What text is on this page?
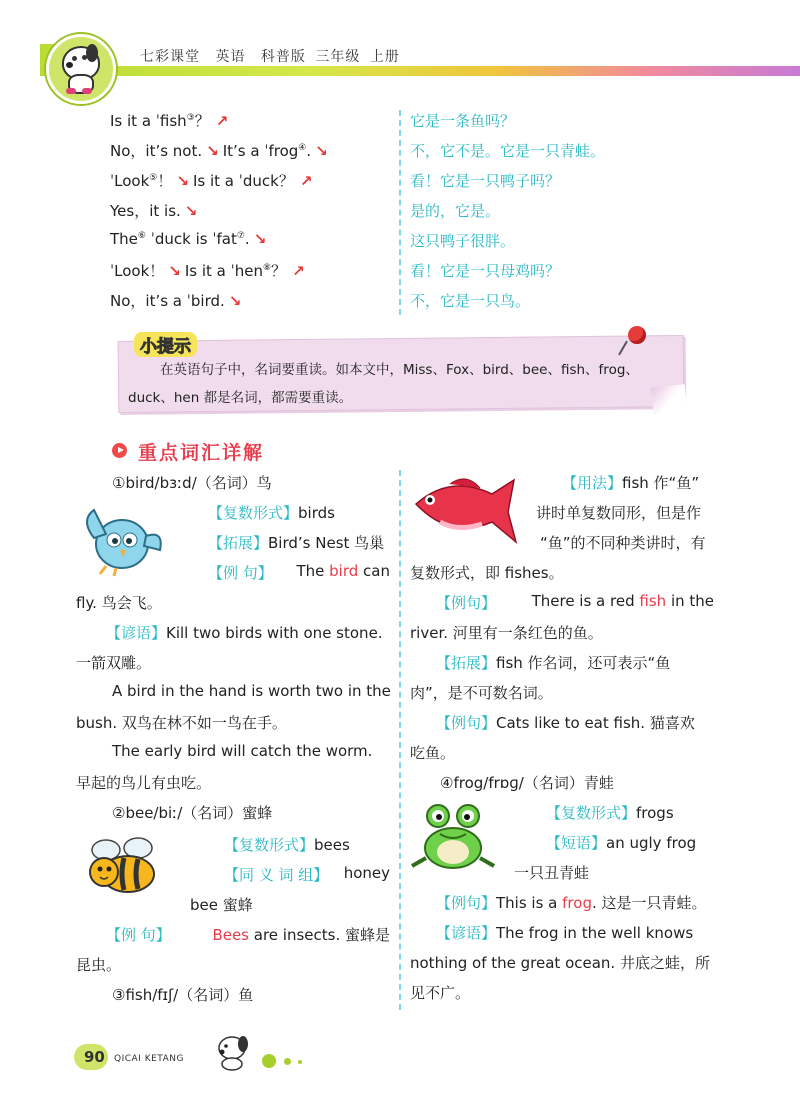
七彩课堂 英语 科普版 三年级 上册
Is it a ˈfish③？ ↗	它是一条鱼吗？
No，it’s not. ↘ It’s a ˈfrog④. ↘	不，它不是。它是一只青蛙。
ˈLook⑤！ ↘ Is it a ˈduck？ ↗	看！它是一只鸭子吗？
Yes，it is. ↘	是的，它是。
The⑥ ˈduck is ˈfat⑦. ↘	这只鸭子很胖。
ˈLook！ ↘ Is it a ˈhen⑧？ ↗	看！它是一只母鸡吗？
No，it’s a ˈbird. ↘	不，它是一只鸟。
小提示
在英语句子中，名词要重读。如本文中，Miss、Fox、bird、bee、fish、frog、
duck、hen 都是名词，都需要重读。
重点词汇详解
①bird/bɜːd/（名词）鸟
【复数形式】birds
【拓展】Bird’s Nest 鸟巢
【例 句】 The bird can
fly. 鸟会飞。
【谚语】Kill two birds with one stone.
一箭双雕。
A bird in the hand is worth two in the
bush. 双鸟在林不如一鸟在手。
The early bird will catch the worm.
早起的鸟儿有虫吃。
②bee/biː/（名词）蜜蜂
【复数形式】bees
【同 义 词 组】 honey
bee 蜜蜂
【例 句】	Bees are insects. 蜜蜂是
昆虫。
③fish/fɪʃ/（名词）鱼
【用法】fish 作“鱼”
讲时单复数同形，但是作
“鱼”的不同种类讲时，有
复数形式，即 fishes。
【例句】 There is a red fish in the
river. 河里有一条红色的鱼。
【拓展】fish 作名词，还可表示“鱼
肉”，是不可数名词。
【例句】Cats like to eat fish. 猫喜欢
吃鱼。
④frog/frɒɡ/（名词）青蛙
【复数形式】frogs
【短语】an ugly frog
一只丑青蛙
【例句】This is a frog. 这是一只青蛙。
【谚语】The frog in the well knows
nothing of the great ocean. 井底之蛙，所
见不广。
90 QICAI KETANG
